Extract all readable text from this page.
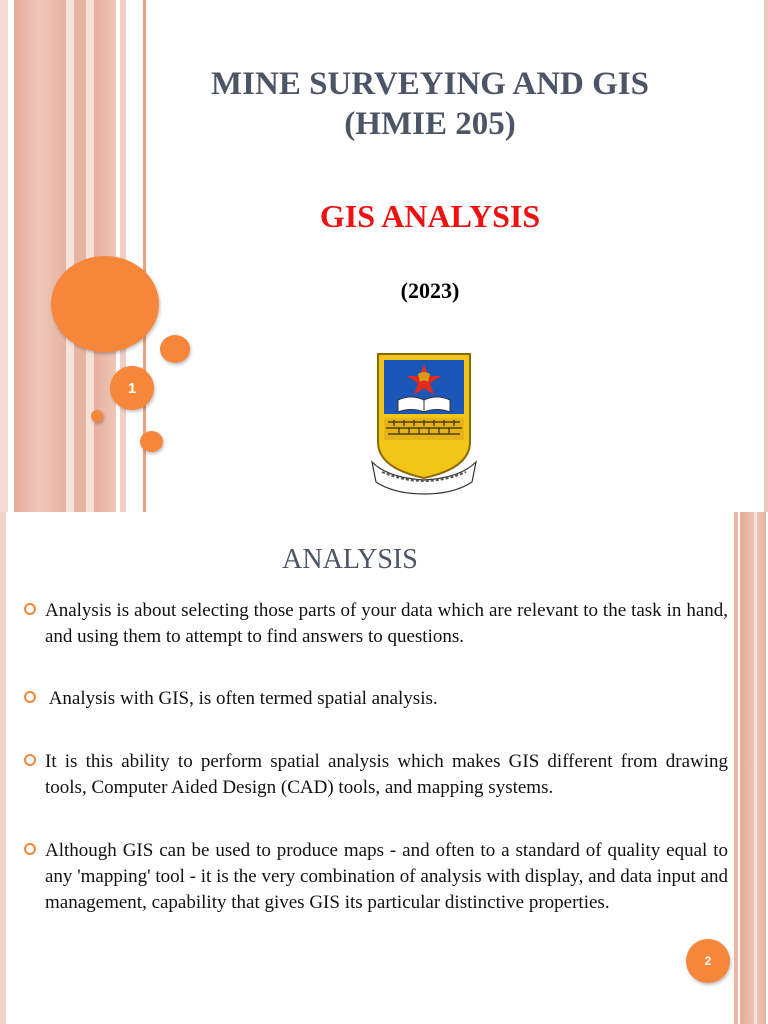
1
MINE SURVEYING AND GIS
(HMIE 205)
GIS ANALYSIS
(2023)
ANALYSIS
Analysis is about selecting those parts of your data which are relevant to the task in hand, and using them to attempt to find answers to questions.
Analysis with GIS, is often termed spatial analysis.
It is this ability to perform spatial analysis which makes GIS different from drawing tools, Computer Aided Design (CAD) tools, and mapping systems.
Although GIS can be used to produce maps - and often to a standard of quality equal to any 'mapping' tool - it is the very combination of analysis with display, and data input and management, capability that gives GIS its particular distinctive properties.
2
